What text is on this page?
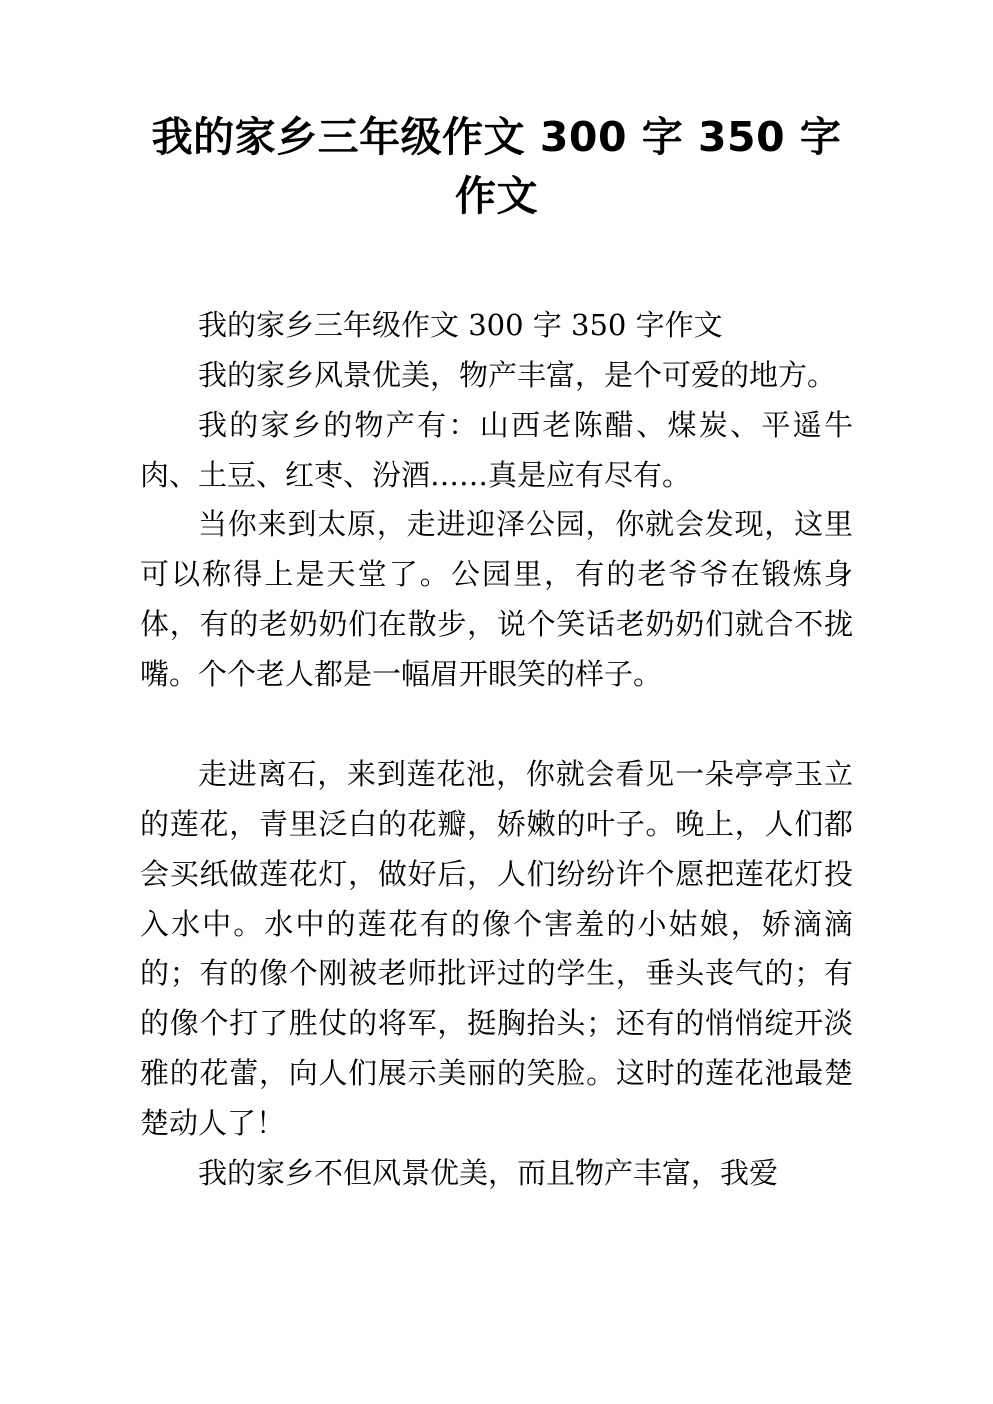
我的家乡三年级作文 300 字 350 字作文

我的家乡三年级作文 300 字 350 字作文

我的家乡风景优美，物产丰富，是个可爱的地方。

我的家乡的物产有：山西老陈醋、煤炭、平遥牛肉、土豆、红枣、汾酒……真是应有尽有。

当你来到太原，走进迎泽公园，你就会发现，这里可以称得上是天堂了。公园里，有的老爷爷在锻炼身体，有的老奶奶们在散步，说个笑话老奶奶们就合不拢嘴。个个老人都是一幅眉开眼笑的样子。

走进离石，来到莲花池，你就会看见一朵亭亭玉立的莲花，青里泛白的花瓣，娇嫩的叶子。晚上，人们都会买纸做莲花灯，做好后，人们纷纷许个愿把莲花灯投入水中。水中的莲花有的像个害羞的小姑娘，娇滴滴的；有的像个刚被老师批评过的学生，垂头丧气的；有的像个打了胜仗的将军，挺胸抬头；还有的悄悄绽开淡雅的花蕾，向人们展示美丽的笑脸。这时的莲花池最楚楚动人了！

我的家乡不但风景优美，而且物产丰富，我爱
